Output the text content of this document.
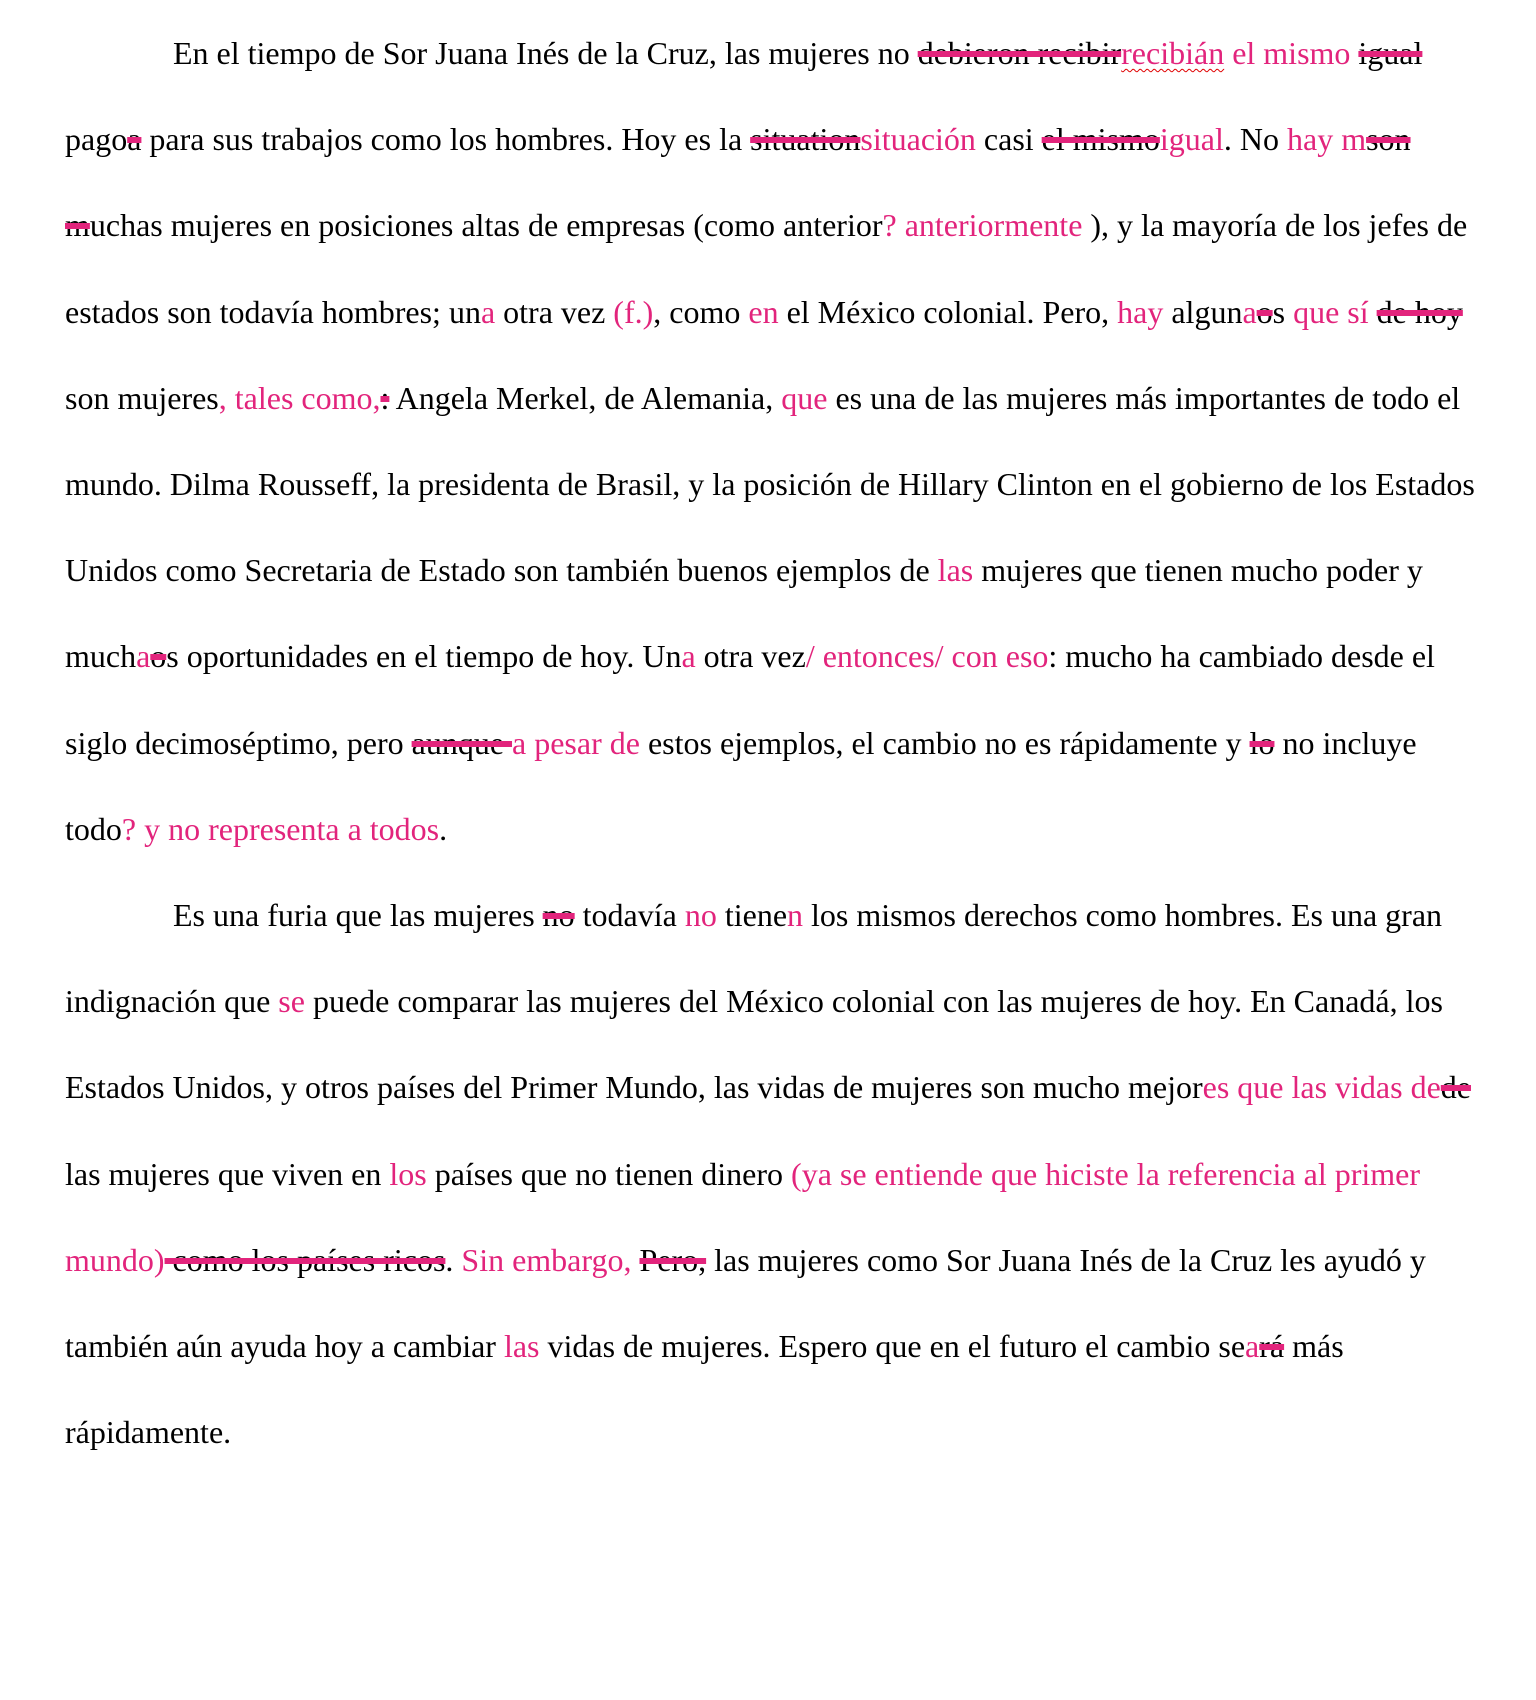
En el tiempo de Sor Juana Inés de la Cruz, las mujeres no debieron recibirrecibián el mismo igual pagoa para sus trabajos como los hombres. Hoy es la situationsituación casi el mismoigual. No hay mson muchas mujeres en posiciones altas de empresas (como anterior? anteriormente ), y la mayoría de los jefes de estados son todavía hombres; una otra vez (f.), como en el México colonial. Pero, hay algunaos que sí de hoy son mujeres, tales como,: Angela Merkel, de Alemania, que es una de las mujeres más importantes de todo el mundo. Dilma Rousseff, la presidenta de Brasil, y la posición de Hillary Clinton en el gobierno de los Estados Unidos como Secretaria de Estado son también buenos ejemplos de las mujeres que tienen mucho poder y muchaos oportunidades en el tiempo de hoy. Una otra vez/ entonces/ con eso: mucho ha cambiado desde el siglo decimoséptimo, pero aunque a pesar de estos ejemplos, el cambio no es rápidamente y lo no incluye todo? y no representa a todos.

Es una furia que las mujeres no todavía no tienen los mismos derechos como hombres. Es una gran indignación que se puede comparar las mujeres del México colonial con las mujeres de hoy. En Canadá, los Estados Unidos, y otros países del Primer Mundo, las vidas de mujeres son mucho mejores que las vidas dede las mujeres que viven en los países que no tienen dinero (ya se entiende que hiciste la referencia al primer mundo) como los países ricos. Sin embargo, Pero, las mujeres como Sor Juana Inés de la Cruz les ayudó y también aún ayuda hoy a cambiar las vidas de mujeres. Espero que en el futuro el cambio seará más rápidamente.
